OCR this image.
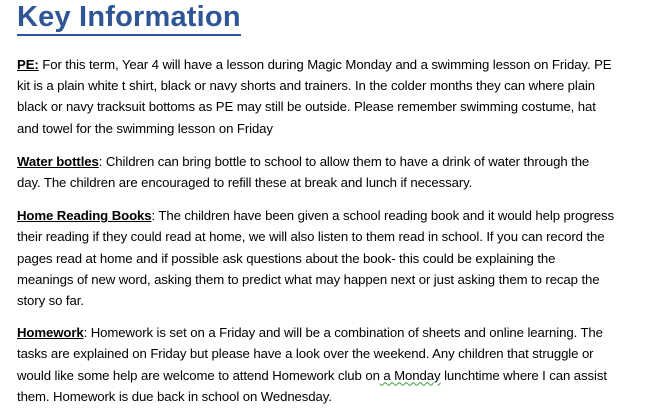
Key Information

PE: For this term, Year 4 will have a lesson during Magic Monday and a swimming lesson on Friday. PE kit is a plain white t shirt, black or navy shorts and trainers. In the colder months they can where plain black or navy tracksuit bottoms as PE may still be outside. Please remember swimming costume, hat and towel for the swimming lesson on Friday

Water bottles: Children can bring bottle to school to allow them to have a drink of water through the day. The children are encouraged to refill these at break and lunch if necessary.

Home Reading Books: The children have been given a school reading book and it would help progress their reading if they could read at home, we will also listen to them read in school. If you can record the pages read at home and if possible ask questions about the book- this could be explaining the meanings of new word, asking them to predict what may happen next or just asking them to recap the story so far.

Homework: Homework is set on a Friday and will be a combination of sheets and online learning. The tasks are explained on Friday but please have a look over the weekend. Any children that struggle or would like some help are welcome to attend Homework club on a Monday lunchtime where I can assist them. Homework is due back in school on Wednesday.
